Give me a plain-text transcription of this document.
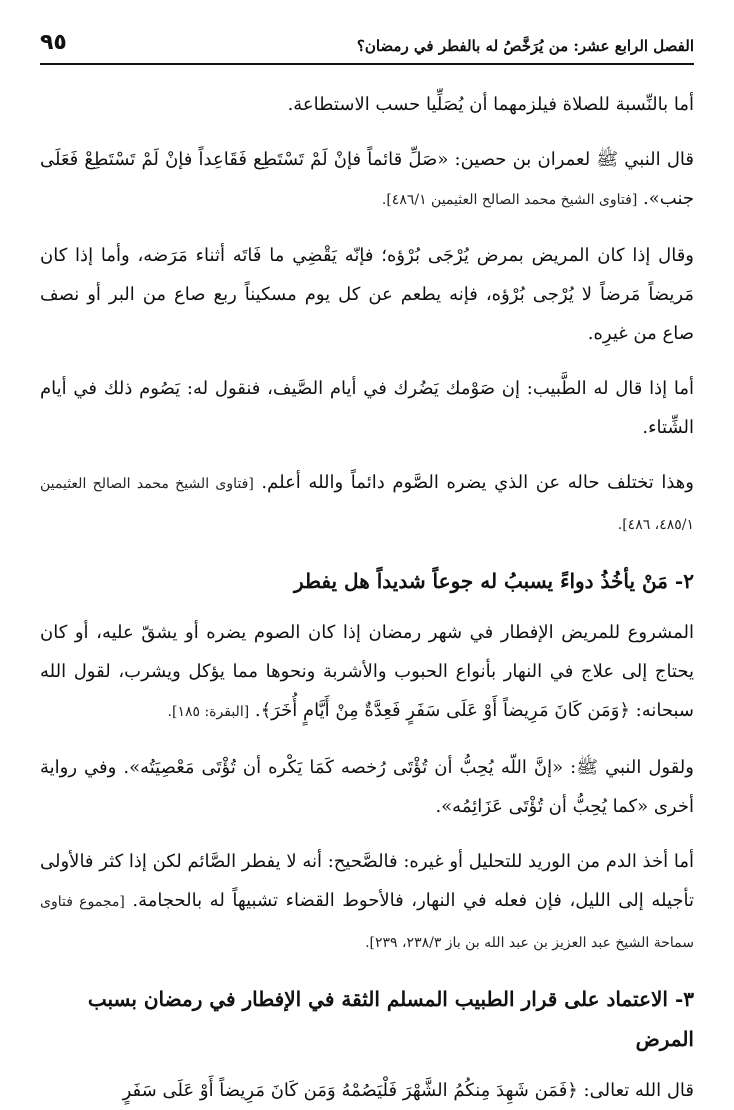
الفصل الرابع عشر: من يُرَخَّصُ له بالفطر في رمضان؟
٩٥

أما بالنِّسبة للصلاة فيلزمهما أن يُصَلِّيا حسب الاستطاعة.

قال النبي ﷺ لعمران بن حصين: «صَلِّ قائماً فإنْ لَمْ تَسْتَطِع فَقَاعِداً فإنْ لَمْ تَسْتَطِعْ فَعَلَى جنب». [فتاوى الشيخ محمد الصالح العثيمين ٤٨٦/١].

وقال إذا كان المريض بمرض يُرْجَى بُرْؤه؛ فإنّه يَقْضِي ما فَاتَه أثناء مَرَضه، وأما إذا كان مَريضاً مَرضاً لا يُرْجى بُرْؤه، فإنه يطعم عن كل يوم مسكيناً ربع صاع من البر أو نصف صاع من غيرِه.

أما إذا قال له الطَّبيب: إن صَوْمك يَضُرك في أيام الصَّيف، فنقول له: يَصُوم ذلك في أيام الشِّتاء.

وهذا تختلف حاله عن الذي يضره الصَّوم دائماً والله أعلم. [فتاوى الشيخ محمد الصالح العثيمين ٤٨٥/١، ٤٨٦].

٢- مَنْ يأخُذُ دواءً يسببُ له جوعاً شديداً هل يفطر

المشروع للمريض الإفطار في شهر رمضان إذا كان الصوم يضره أو يشقّ عليه، أو كان يحتاج إلى علاج في النهار بأنواع الحبوب والأشربة ونحوها مما يؤكل ويشرب، لقول الله سبحانه: ﴿وَمَن كَانَ مَرِيضاً أَوْ عَلَى سَفَرٍ فَعِدَّةٌ مِنْ أَيَّامٍ أُخَرَ﴾. [البقرة: ١٨٥].

ولقول النبي ﷺ: «إنَّ اللّه يُحِبُّ أن تُؤْتَى رُخصه كَمَا يَكْره أن تُؤْتَى مَعْصِيَتُه». وفي رواية أخرى «كما يُحِبُّ أن تُؤْتَى عَزَائِمُه».

أما أخذ الدم من الوريد للتحليل أو غيره: فالصَّحيح: أنه لا يفطر الصَّائم لكن إذا كثر فالأولى تأجيله إلى الليل، فإن فعله في النهار، فالأحوط القضاء تشبيهاً له بالحجامة. [مجموع فتاوى سماحة الشيخ عبد العزيز بن عبد الله بن باز ٢٣٨/٣، ٢٣٩].

٣- الاعتماد على قرار الطبيب المسلم الثقة في الإفطار في رمضان بسبب المرض

قال الله تعالى: ﴿فَمَن شَهِدَ مِنكُمُ الشَّهْرَ فَلْيَصُمْهُ وَمَن كَانَ مَرِيضاً أَوْ عَلَى سَفَرٍ
